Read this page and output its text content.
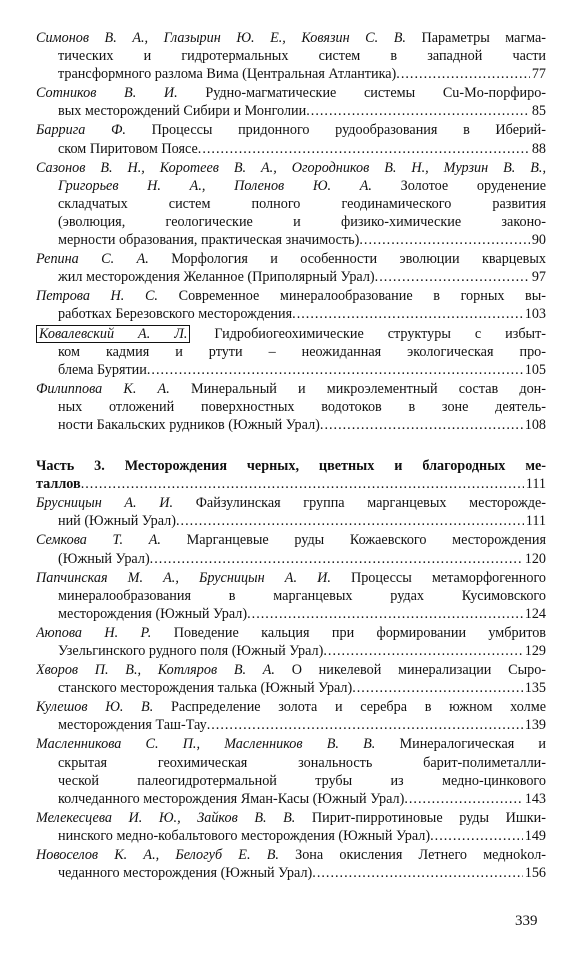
Симонов В. А., Глазырин Ю. Е., Ковязин С. В. Параметры магма-
тических и гидротермальных систем в западной части
трансформного разлома Вима (Центральная Атлантика) .....	77
Сотников В. И. Рудно-магматические системы Cu-Mo-порфиро-
вых месторождений Сибири и Монголии .....	85
Баррига Ф. Процессы придонного рудообразования в Иберий-
ском Пиритовом Поясе .....	88
Сазонов В. Н., Коротеев В. А., Огородников В. Н., Мурзин В. В.,
Григорьев Н. А., Поленов Ю. А. Золотое оруденение
складчатых систем полного геодинамического развития
(эволюция, геологические и физико-химические законо-
мерности образования, практическая значимость) .....	90
Репина С. А. Морфология и особенности эволюции кварцевых
жил месторождения Желанное (Приполярный Урал) .....	97
Петрова Н. С. Современное минералообразование в горных вы-
работках Березовского месторождения .....	103
Ковалевский А. Л. Гидробиогеохимические структуры с избыт-
ком кадмия и ртути – неожиданная экологическая про-
блема Бурятии .....	105
Филиппова К. А. Минеральный и микроэлементный состав дон-
ных отложений поверхностных водотоков в зоне деятель-
ности Бакальских рудников (Южный Урал) .....	108
Часть 3. Месторождения черных, цветных и благородных ме-
таллов .....	111
Бруcницын А. И. Файзулинская группа марганцевых месторожде-
ний (Южный Урал) .....	111
Семкова Т. А. Марганцевые руды Кожаевского месторождения
(Южный Урал) .....	120
Папчинская М. А., Брусницын А. И. Процессы метаморфогенного
минералообразования в марганцевых рудах Кусимовского
месторождения (Южный Урал) .....	124
Аюпова Н. Р. Поведение кальция при формировании умбритов
Узельгинского рудного поля (Южный Урал) .....	129
Хворов П. В., Котляров В. А. О никелевой минерализации Сыро-
станского месторождения талька (Южный Урал) .....	135
Кулешов Ю. В. Распределение золота и серебра в южном холме
месторождения Таш-Тау .....	139
Масленникова С. П., Масленников В. В. Минералогическая и
скрытая геохимическая зональность барит-полиметалли-
ческой палеогидротермальной трубы из медно-цинкового
колчеданного месторождения Яман-Касы (Южный Урал) .....	143
Мелекесцева И. Ю., Зайков В. В. Пирит-пирротиновые руды Ишки-
нинского медно-кобальтового месторождения (Южный Урал) .....	149
Новоселов К. А., Белогуб Е. В. Зона окисления Летнего медноkол-
чеданного месторождения (Южный Урал) .....	156
339
